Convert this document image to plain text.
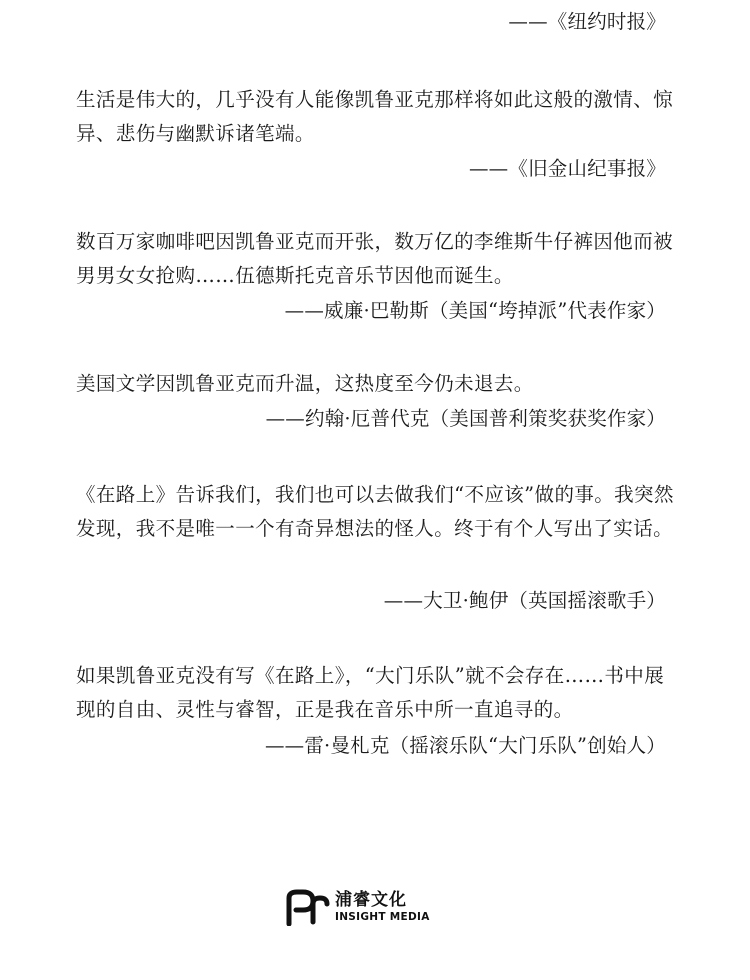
——《纽约时报》

生活是伟大的，几乎没有人能像凯鲁亚克那样将如此这般的激情、惊异、悲伤与幽默诉诸笔端。

——《旧金山纪事报》

数百万家咖啡吧因凯鲁亚克而开张，数万亿的李维斯牛仔裤因他而被男男女女抢购……伍德斯托克音乐节因他而诞生。

——威廉·巴勒斯（美国“垮掉派”代表作家）

美国文学因凯鲁亚克而升温，这热度至今仍未退去。

——约翰·厄普代克（美国普利策奖获奖作家）

《在路上》告诉我们，我们也可以去做我们“不应该”做的事。我突然发现，我不是唯一一个有奇异想法的怪人。终于有个人写出了实话。

——大卫·鲍伊（英国摇滚歌手）

如果凯鲁亚克没有写《在路上》，“大门乐队”就不会存在……书中展现的自由、灵性与睿智，正是我在音乐中所一直追寻的。

——雷·曼札克（摇滚乐队“大门乐队”创始人）

浦睿文化
INSIGHT MEDIA
